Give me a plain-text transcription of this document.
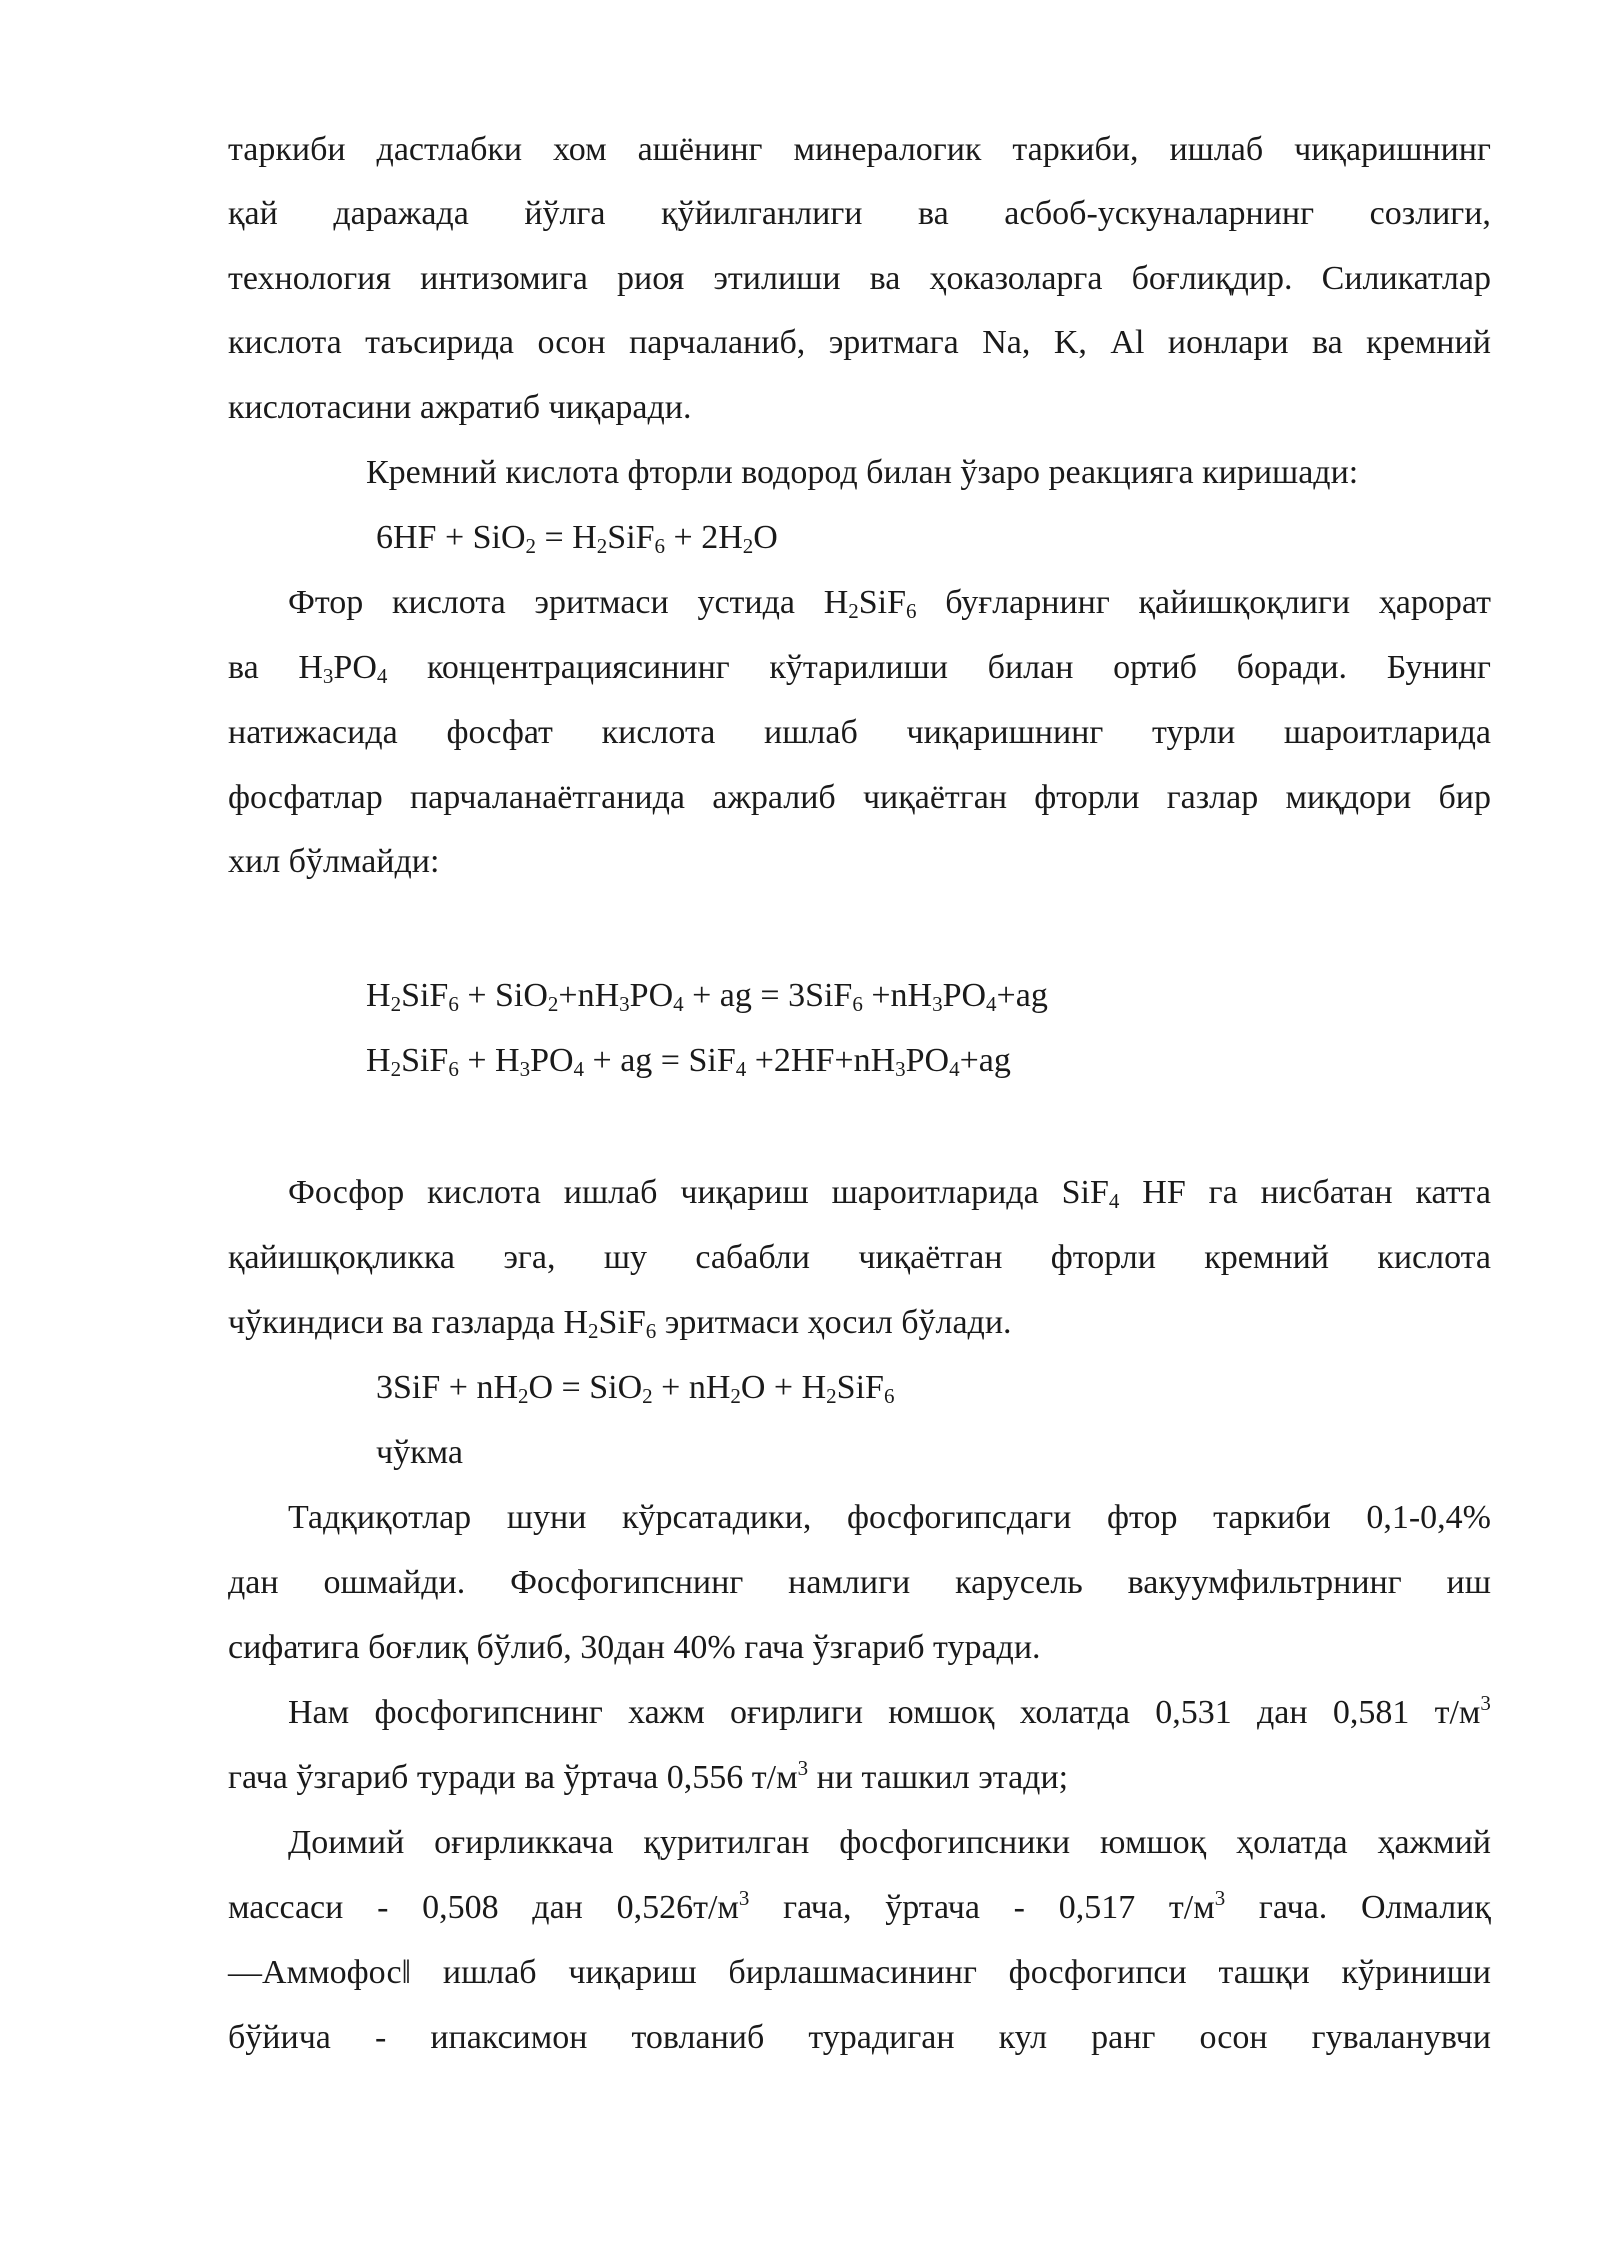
таркиби дастлабки хом ашёнинг минералогик таркиби, ишлаб чиқаришнинг
қай даражада йўлга қўйилганлиги ва асбоб-ускуналарнинг созлиги,
технология интизомига риоя этилиши ва ҳоказоларга боғлиқдир. Силикатлар
кислота таъсирида осон парчаланиб, эритмага Na, K, Al ионлари ва кремний
кислотасини ажратиб чиқаради.
Кремний кислота фторли водород билан ўзаро реакцияга киришади:
$6HF + SiO_2 = H_2SiF_6 + 2H_2O$
Фтор кислота эритмаси устида $H_2SiF_6$ буғларнинг қайишқоқлиги ҳарорат
ва $H_3PO_4$ концентрациясининг кўтарилиши билан ортиб боради. Бунинг
натижасида фосфат кислота ишлаб чиқаришнинг турли шароитларида
фосфатлар парчаланаётганида ажралиб чиқаётган фторли газлар миқдори бир
хил бўлмайди:
$H_2SiF_6 + SiO_2+nH_3PO_4$ + ag = $3SiF_6 +nH_3PO_4+ag$
$H_2SiF_6 + H_3PO_4$ + ag = $SiF_4 +2HF+nH_3PO_4+ag$
Фосфор кислота ишлаб чиқариш шароитларида SiF$_4$ HF га нисбатан катта
қайишқоқликка эга, шу сабабли чиқаётган фторли кремний кислота
чўкиндиси ва газларда $H_2SiF_6$ эритмаси ҳосил бўлади.
$3SiF + nH_2O = SiO_2 + nH_2O + H_2SiF_6$
чўкма
Тадқиқотлар шуни кўрсатадики, фосфогипсдаги фтор таркиби 0,1-0,4%
дан ошмайди. Фосфогипснинг намлиги карусель вакуумфильтрнинг иш
сифатига боғлиқ бўлиб, 30дан 40% гача ўзгариб туради.
Нам фосфогипснинг хажм оғирлиги юмшоқ холатда 0,531 дан 0,581 $т/м^3$
гача ўзгариб туради ва ўртача 0,556 $т/м^3$ ни ташкил этади;
Доимий оғирликкача қуритилган фосфогипсники юмшоқ ҳолатда ҳажмий
массаси - 0,508 дан $0,526т/м^3$ гача, ўртача - 0,517 $т/м^3$ гача. Олмалиқ
―Аммофос‖ ишлаб чиқариш бирлашмасининг фосфогипси ташқи кўриниши
бўйича - ипаксимон товланиб турадиган кул ранг осон гуваланувчи
